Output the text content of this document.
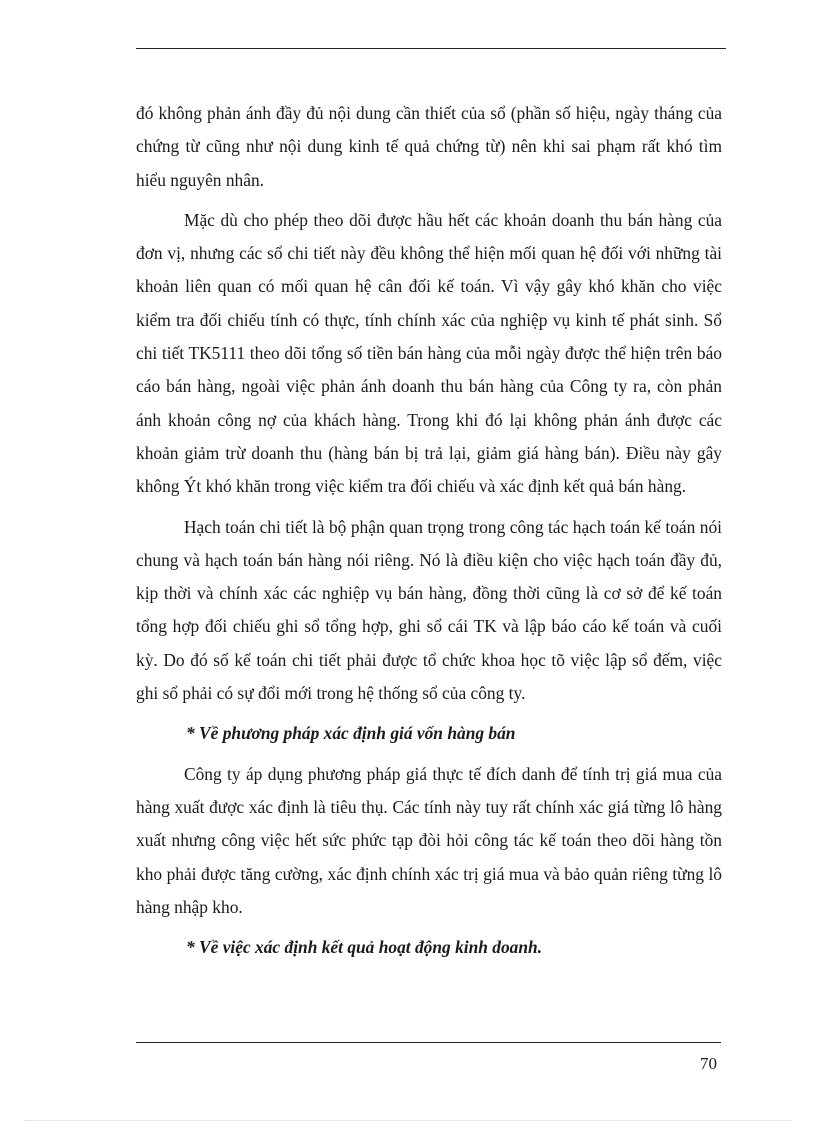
đó không phản ánh đầy đủ nội dung cần thiết của sổ (phần số hiệu, ngày tháng của chứng từ cũng như nội dung kinh tế quả chứng từ) nên khi sai phạm rất khó tìm hiểu nguyên nhân.

Mặc dù cho phép theo dõi được hầu hết các khoản doanh thu bán hàng của đơn vị, nhưng các sổ chi tiết này đều không thể hiện mối quan hệ đối với những tài khoản liên quan có mối quan hệ cân đối kế toán. Vì vậy gây khó khăn cho việc kiểm tra đối chiếu tính có thực, tính chính xác của nghiệp vụ kinh tế phát sinh. Sổ chi tiết TK5111 theo dõi tổng số tiền bán hàng của mỗi ngày được thể hiện trên báo cáo bán hàng, ngoài việc phản ánh doanh thu bán hàng của Công ty ra, còn phản ánh khoản công nợ của khách hàng. Trong khi đó lại không phản ánh được các khoản giảm trừ doanh thu (hàng bán bị trả lại, giảm giá hàng bán). Điều này gây không Ýt khó khăn trong việc kiểm tra đối chiếu và xác định kết quả bán hàng.

Hạch toán chi tiết là bộ phận quan trọng trong công tác hạch toán kế toán nói chung và hạch toán bán hàng nói riêng. Nó là điều kiện cho việc hạch toán đầy đủ, kịp thời và chính xác các nghiệp vụ bán hàng, đồng thời cũng là cơ sở để kế toán tổng hợp đối chiếu ghi sổ tổng hợp, ghi sổ cái TK và lập báo cáo kế toán và cuối kỳ. Do đó số kế toán chi tiết phải được tổ chức khoa học tõ việc lập sổ đếm, việc ghi sổ phải có sự đổi mới trong hệ thống sổ của công ty.

* Về phương pháp xác định giá vốn hàng bán

Công ty áp dụng phương pháp giá thực tế đích danh để tính trị giá mua của hàng xuất được xác định là tiêu thụ. Các tính này tuy rất chính xác giá từng lô hàng xuất nhưng công việc hết sức phức tạp đòi hỏi công tác kế toán theo dõi hàng tồn kho phải được tăng cường, xác định chính xác trị giá mua và bảo quản riêng từng lô hàng nhập kho.

* Về việc xác định kết quả hoạt động kinh doanh.

70
